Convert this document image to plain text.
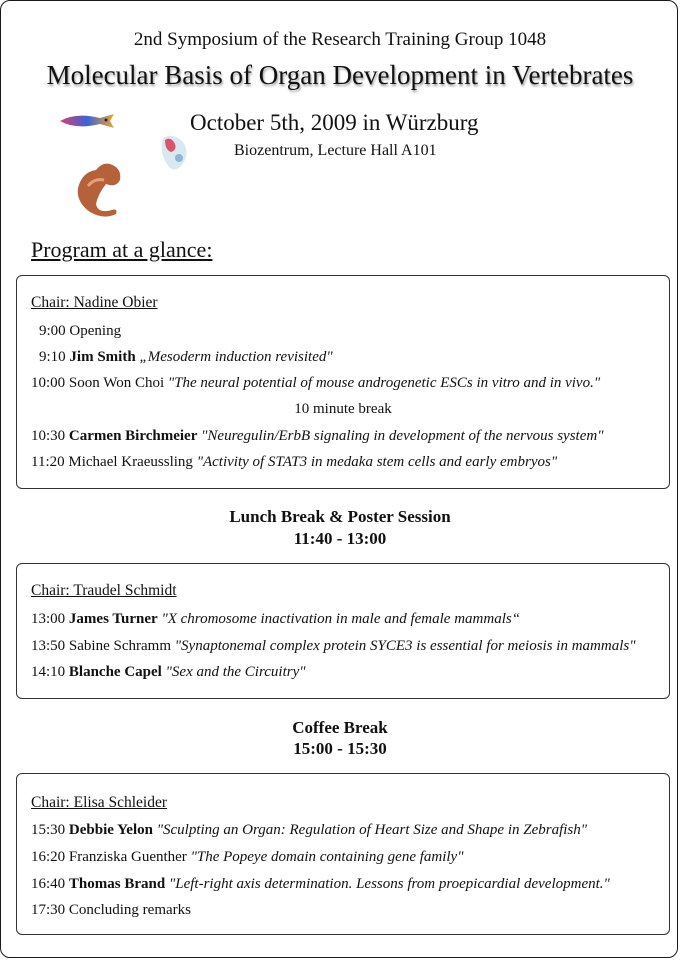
2nd Symposium of the Research Training Group 1048
Molecular Basis of Organ Development in Vertebrates
October 5th, 2009 in Würzburg
Biozentrum, Lecture Hall A101
Program at a glance:
Chair: Nadine Obier
9:00 Opening
9:10 Jim Smith „Mesoderm induction revisited"
10:00 Soon Won Choi "The neural potential of mouse androgenetic ESCs in vitro and in vivo."
10 minute break
10:30 Carmen Birchmeier "Neuregulin/ErbB signaling in development of the nervous system"
11:20 Michael Kraeussling "Activity of STAT3 in medaka stem cells and early embryos"
Lunch Break & Poster Session
11:40 - 13:00
Chair: Traudel Schmidt
13:00 James Turner "X chromosome inactivation in male and female mammals“
13:50 Sabine Schramm "Synaptonemal complex protein SYCE3 is essential for meiosis in mammals"
14:10 Blanche Capel "Sex and the Circuitry"
Coffee Break
15:00 - 15:30
Chair: Elisa Schleider
15:30 Debbie Yelon "Sculpting an Organ: Regulation of Heart Size and Shape in Zebrafish"
16:20 Franziska Guenther "The Popeye domain containing gene family"
16:40 Thomas Brand "Left-right axis determination. Lessons from proepicardial development."
17:30 Concluding remarks
